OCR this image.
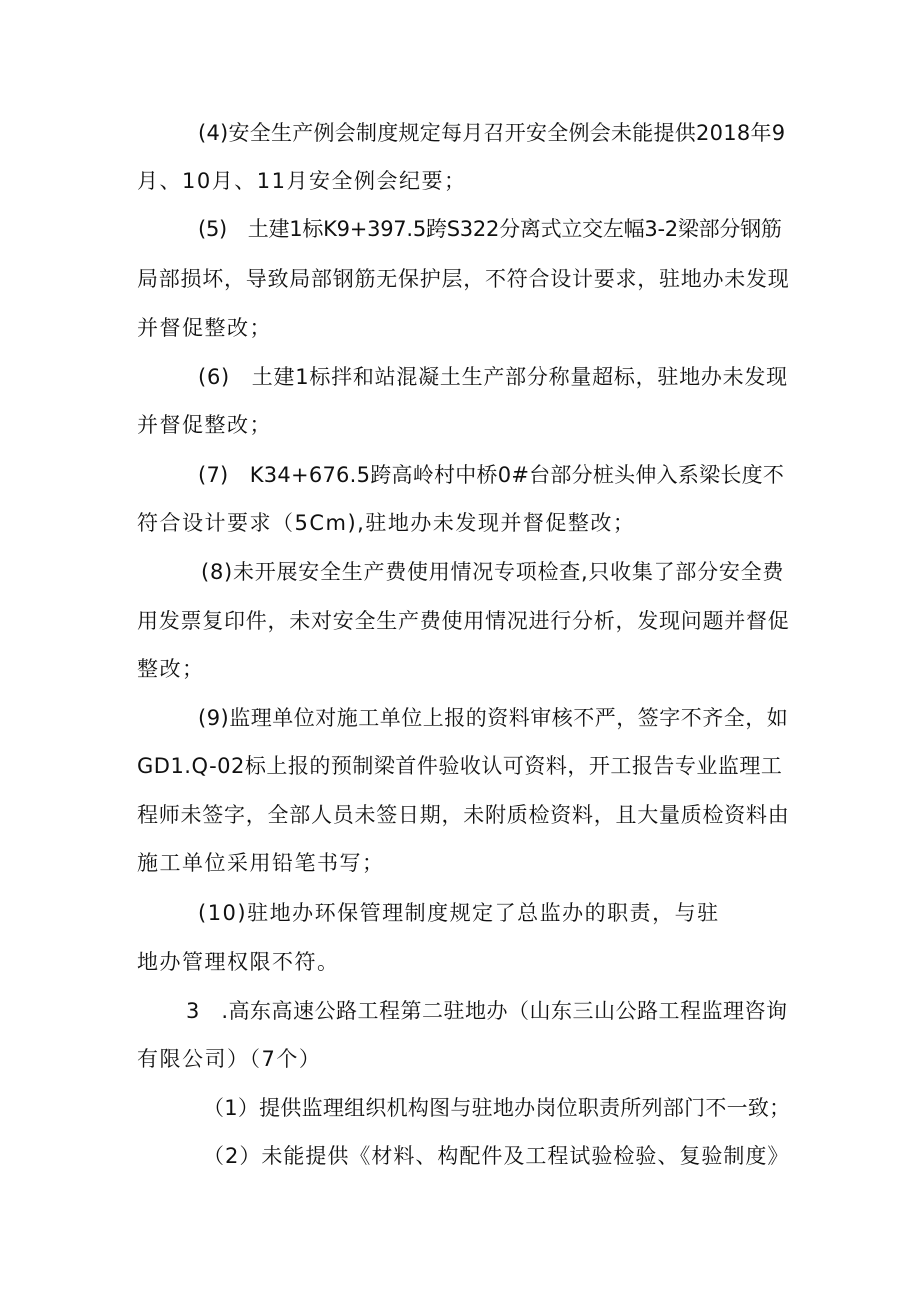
(4)安全生产例会制度规定每月召开安全例会未能提供2018年9
月、10月、11月安全例会纪要；
(5)　土建1标K9+397.5跨S322分离式立交左幅3-2梁部分钢筋
局部损坏，导致局部钢筋无保护层，不符合设计要求，驻地办未发现
并督促整改；
(6)　土建1标拌和站混凝土生产部分称量超标，驻地办未发现
并督促整改；
(7)　K34+676.5跨高岭村中桥0#台部分桩头伸入系梁长度不
符合设计要求（5Cm),驻地办未发现并督促整改；
(8)未开展安全生产费使用情况专项检查,只收集了部分安全费
用发票复印件，未对安全生产费使用情况进行分析，发现问题并督促
整改；
(9)监理单位对施工单位上报的资料审核不严，签字不齐全，如
GD1.Q-02标上报的预制梁首件验收认可资料，开工报告专业监理工
程师未签字，全部人员未签日期，未附质检资料，且大量质检资料由
施工单位采用铅笔书写；
(10)驻地办环保管理制度规定了总监办的职责，与驻
地办管理权限不符。
3　.高东高速公路工程第二驻地办（山东三山公路工程监理咨询
有限公司）（7个）
（1）提供监理组织机构图与驻地办岗位职责所列部门不一致；
（2）未能提供《材料、构配件及工程试验检验、复验制度》
